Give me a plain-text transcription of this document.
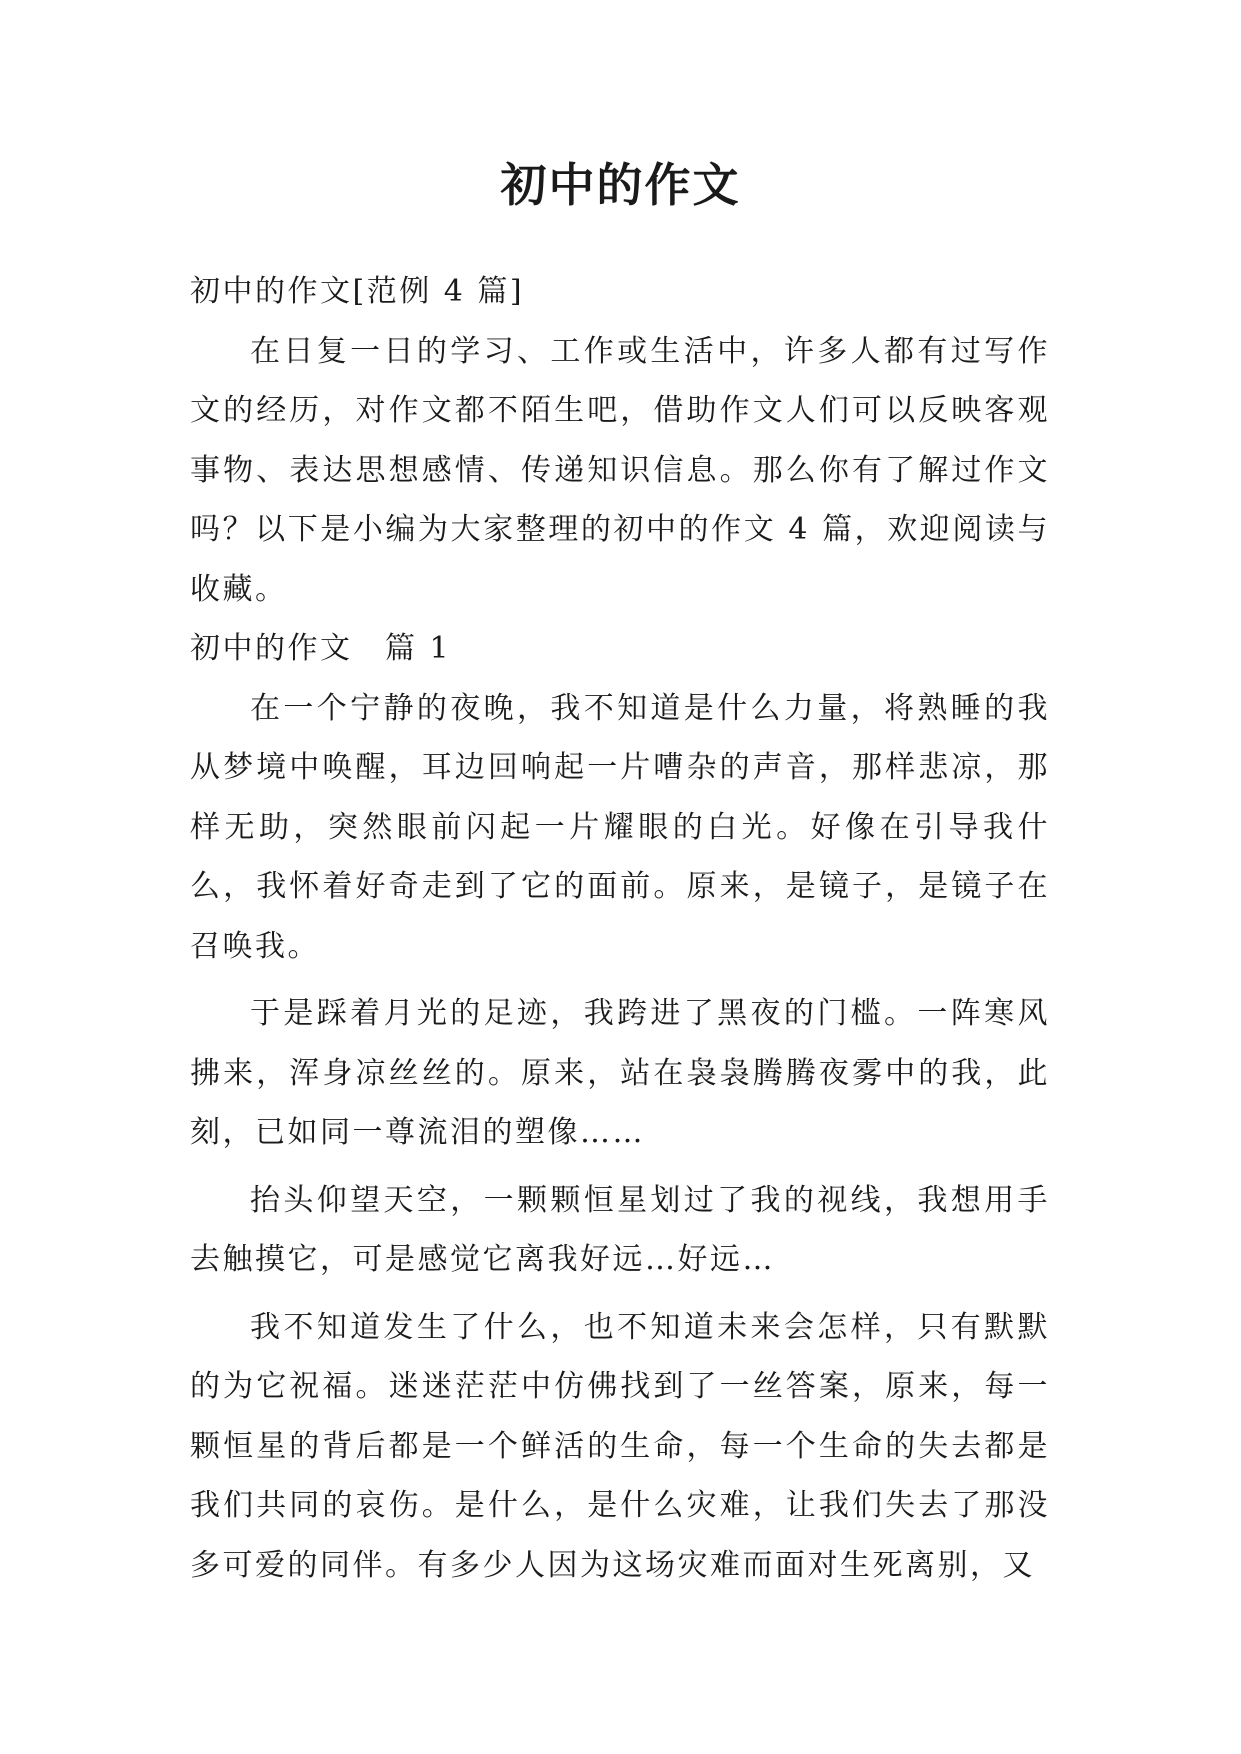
初中的作文

初中的作文[范例 4 篇]

在日复一日的学习、工作或生活中，许多人都有过写作文的经历，对作文都不陌生吧，借助作文人们可以反映客观事物、表达思想感情、传递知识信息。那么你有了解过作文吗？以下是小编为大家整理的初中的作文 4 篇，欢迎阅读与收藏。

初中的作文　篇 1

在一个宁静的夜晚，我不知道是什么力量，将熟睡的我从梦境中唤醒，耳边回响起一片嘈杂的声音，那样悲凉，那样无助，突然眼前闪起一片耀眼的白光。好像在引导我什么，我怀着好奇走到了它的面前。原来，是镜子，是镜子在召唤我。

于是踩着月光的足迹，我跨进了黑夜的门槛。一阵寒风拂来，浑身凉丝丝的。原来，站在袅袅腾腾夜雾中的我，此刻，已如同一尊流泪的塑像……

抬头仰望天空，一颗颗恒星划过了我的视线，我想用手去触摸它，可是感觉它离我好远…好远…

我不知道发生了什么，也不知道未来会怎样，只有默默的为它祝福。迷迷茫茫中仿佛找到了一丝答案，原来，每一颗恒星的背后都是一个鲜活的生命，每一个生命的失去都是我们共同的哀伤。是什么，是什么灾难，让我们失去了那没多可爱的同伴。有多少人因为这场灾难而面对生死离别，又
